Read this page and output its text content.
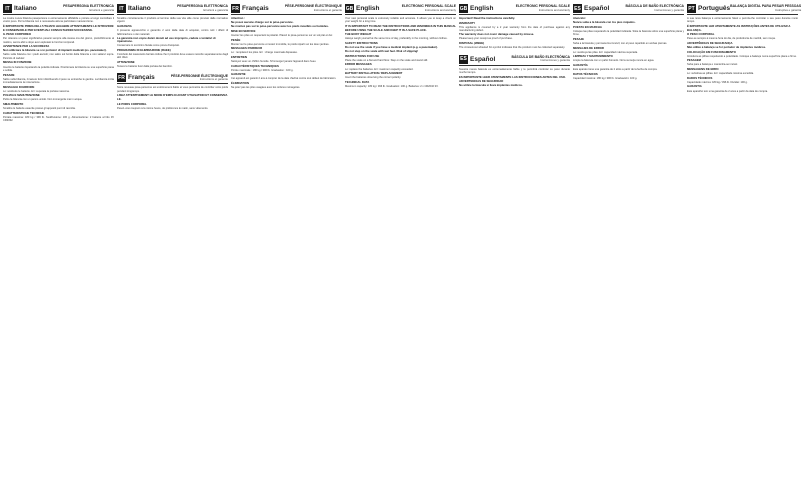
IT Italiano	PESAPERSONA ELETTRONICA
Istruzioni e garanzia
La nostra nuova bilancia pesapersone è estremamente affidabile e potrete a lungo controllare il vostro peso. Per la bilancia non è necessaria alcuna particolare manutenzione.
È IMPORTANTE PRIMA DELL'UTILIZZO LEGGERE ATTENTAMENTE LE ISTRUZIONI E CONSERVARLE PER EVENTUALI CONSULTAZIONI SUCCESSIVE.
IL PESO CORPOREO
Per ottenere un peso significativo pesarsi sempre alla stessa ora del giorno, preferibilmente al mattino, senza abiti e dopo aver espletato le funzioni corporali.
AVVERTENZE PER LA SICUREZZA
Non utilizzare la bilancia se si è portatori di impianti medicali (es. pacemaker).
Salire sulla bilancia con i piedi asciutti; non salire sul bordo della bilancia e non saltarvi sopra. Pericolo di caduta!
MESSA IN FUNZIONE
Inserire le batterie rispettando la polarità indicata. Posizionare la bilancia su una superficie piana e solida.
PESARE
Salire sulla bilancia, rimanere fermi distribuendo il peso su entrambe le gambe. La bilancia inizia immediatamente la misurazione.
MESSAGGI DI ERRORE
Lo: sostituire le batterie. Err: superata la portata massima.
PULIZIA E MANUTENZIONE
Pulire la bilancia con un panno umido. Non immergerla mai in acqua.
SMALTIMENTO
Smaltire le batterie esaurite presso gli appositi punti di raccolta.
CARATTERISTICHE TECNICHE
Portata massima: 180 kg / 396 lb. Suddivisione: 100 g. Alimentazione: 2 batterie al litio 3V CR2032.
IT Italiano	PESAPERSONA ELETTRONICA
Istruzioni e garanzia
Smaltire correttamente il prodotto al termine della sua vita utile come previsto dalle normative vigenti.
GARANZIA
Il presente apparecchio è garantito 2 anni dalla data di acquisto, contro tutti i difetti di fabbricazione o dei materiali.
La garanzia non copre danni dovuti ad uso improprio, cadute o tentativi di riparazione.
Conservare lo scontrino fiscale come prova d'acquisto.
PROGRAMMA DI ELIMINAZIONE (RAEE)
Il simbolo del cassonetto barrato indica che il prodotto deve essere raccolto separatamente dagli altri rifiuti.
ATTENZIONE
Tenere le batterie fuori dalla portata dei bambini.
FR Français	PÈSE-PERSONNE ÉLECTRONIQUE
Instructions et garantie
Notre nouveau pèse-personne est extrêmement fiable et vous permettra de contrôler votre poids pendant longtemps.
LISEZ ATTENTIVEMENT LE MODE D'EMPLOI AVANT UTILISATION ET CONSERVEZ-LE.
LE POIDS CORPOREL
Pesez-vous toujours à la même heure, de préférence le matin, sans vêtements.
FR Français	PÈSE-PERSONNE ÉLECTRONIQUE
Instructions et garantie
Attention :
Ne posez aucune charge sur le pèse-personne.
Ne montez pas sur le pèse-personne avec les pieds mouillés ou humides.
MISE EN SERVICE
Insérez les piles en respectant la polarité. Placez le pèse-personne sur un sol plat et dur.
PESÉE
Montez sur le pèse-personne et restez immobile, le poids réparti sur les deux jambes.
MESSAGES D'ERREUR
Lo : remplacez les piles. Err : charge maximale dépassée.
ENTRETIEN
Nettoyez avec un chiffon humide. N'immergez jamais l'appareil dans l'eau.
CARACTÉRISTIQUES TECHNIQUES
Portée maximale : 180 kg / 396 lb. Graduation : 100 g.
GARANTIE
Cet appareil est garanti 2 ans à compter de la date d'achat contre tout défaut de fabrication.
ÉLIMINATION
Ne jetez pas les piles usagées avec les ordures ménagères.
GB English	ELECTRONIC PERSONAL SCALE
Instructions and warranty
Your new personal scale is extremely reliable and accurate. It allows you to keep a check on your weight for a long time.
IT IS IMPORTANT TO READ THE INSTRUCTIONS AND WARNINGS IN THIS MANUAL BEFORE USING THE SCALE AND KEEP IT IN A SAFE PLACE.
THE BODY WEIGHT
Always weigh yourself at the same time of day, preferably in the morning, without clothes.
SAFETY INSTRUCTIONS
Do not use the scale if you have a medical implant (e.g. a pacemaker).
Do not step on the scale with wet feet. Risk of slipping!
INSTRUCTIONS FOR USE
Place the scale on a flat and hard floor. Step on the scale and stand still.
ERROR MESSAGES
Lo: replace the batteries. Err: maximum capacity exceeded.
BATTERY INSTALLATION / REPLACEMENT
Insert the batteries observing the correct polarity.
TECHNICAL DATA
Maximum capacity: 180 kg / 396 lb. Graduation: 100 g. Batteries: 2 x CR2032 3V.
GB English	ELECTRONIC PERSONAL SCALE
Instructions and warranty
Important! Read the instructions carefully.
WARRANTY
This appliance is covered by a 2 year warranty from the date of purchase against any manufacturing defect.
The warranty does not cover damage caused by misuse.
Please keep your receipt as proof of purchase.
DISPOSAL (WEEE)
The crossed-out wheeled bin symbol indicates that the product must be collected separately.
ES Español	BÁSCULA DE BAÑO ELECTRÓNICA
Instrucciones y garantía
Nuestra nueva báscula es extremadamente fiable y le permitirá controlar su peso durante mucho tiempo.
ES IMPORTANTE LEER ATENTAMENTE LAS INSTRUCCIONES ANTES DEL USO.
ADVERTENCIAS DE SEGURIDAD
No utilice la báscula si lleva implantes médicos.
ES Español	BÁSCULA DE BAÑO ELECTRÓNICA
Instrucciones y garantía
Atención:
Nunca suba a la báscula con los pies mojados.
PUESTA EN MARCHA
Coloque las pilas respetando la polaridad indicada. Sitúe la báscula sobre una superficie plana y firme.
PESAJE
Suba a la báscula y permanezca inmóvil, con el peso repartido en ambas piernas.
MENSAJES DE ERROR
Lo: sustituya las pilas. Err: capacidad máxima superada.
LIMPIEZA Y MANTENIMIENTO
Limpie la báscula con un paño húmedo. No la sumerja nunca en agua.
GARANTÍA
Este aparato tiene una garantía de 2 años a partir de la fecha de compra.
DATOS TÉCNICOS
Capacidad máxima: 180 kg / 396 lb. Graduación: 100 g.
PT Português BALANÇA DIGITAL PARA PESAR PESSOAS
Instruções e garantia
A sua nova balança é extremamente fiável e permite-lhe controlar o seu peso durante muito tempo.
É IMPORTANTE LER ATENTAMENTE AS INSTRUÇÕES ANTES DE UTILIZAR A BALANÇA.
O PESO CORPORAL
Pese-se sempre à mesma hora do dia, de preferência de manhã, sem roupa.
ADVERTÊNCIAS DE SEGURANÇA
Não utilize a balança se for portador de implantes médicos.
COLOCAÇÃO EM FUNCIONAMENTO
Introduza as pilhas respeitando a polaridade. Coloque a balança numa superfície plana e firme.
PESAGEM
Suba para a balança e mantenha-se imóvel.
MENSAGENS DE ERRO
Lo: substitua as pilhas. Err: capacidade máxima excedida.
DADOS TÉCNICOS
Capacidade máxima: 180 kg / 396 lb. Divisão: 100 g.
GARANTIA
Este aparelho tem uma garantia de 2 anos a partir da data de compra.
